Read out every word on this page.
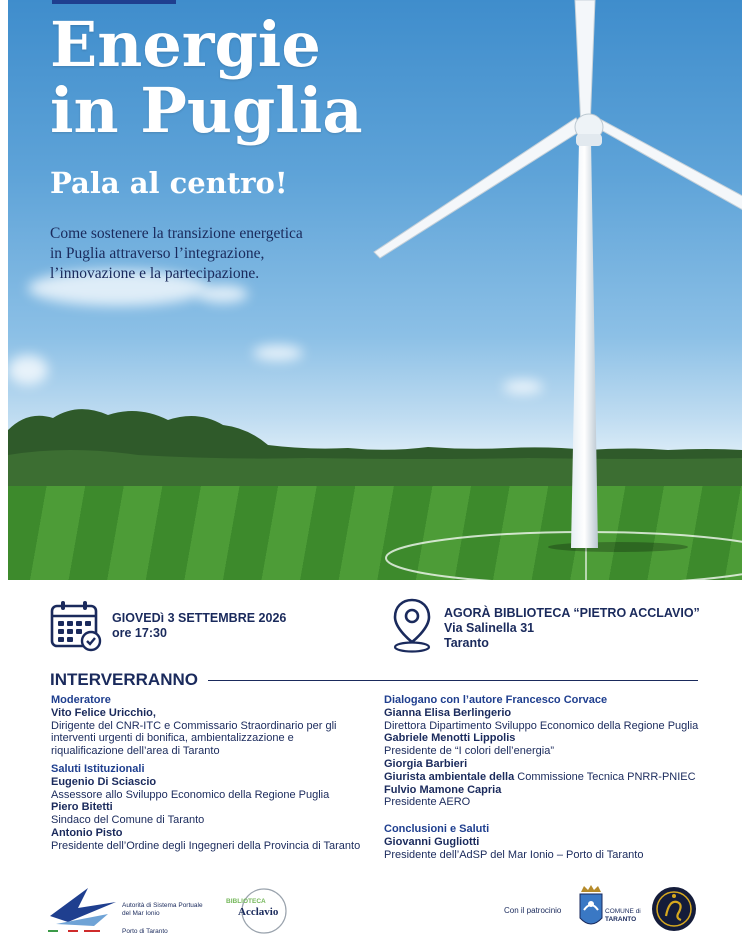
Energie
in Puglia
Pala al centro!
Come sostenere la transizione energetica
in Puglia attraverso l’integrazione,
l’innovazione e la partecipazione.
GIOVEDì 3 SETTEMBRE 2026
ore 17:30
AGORÀ BIBLIOTECA “PIETRO ACCLAVIO”
Via Salinella 31
Taranto
INTERVERRANNO
Moderatore
Vito Felice Uricchio,
Dirigente del CNR-ITC e Commissario Straordinario per gli
interventi urgenti di bonifica, ambientalizzazione e
riqualificazione dell’area di Taranto
Saluti Istituzionali
Eugenio Di Sciascio
Assessore allo Sviluppo Economico della Regione Puglia
Piero Bitetti
Sindaco del Comune di Taranto
Antonio Pisto
Presidente dell’Ordine degli Ingegneri della Provincia di Taranto
Dialogano con l’autore Francesco Corvace
Gianna Elisa Berlingerio
Direttora Dipartimento Sviluppo Economico della Regione Puglia
Gabriele Menotti Lippolis
Presidente de “I colori dell’energia”
Giorgia Barbieri
Giurista ambientale della Commissione Tecnica PNRR-PNIEC
Fulvio Mamone Capria
Presidente AERO
Conclusioni e Saluti
Giovanni Gugliotti
Presidente dell’AdSP del Mar Ionio – Porto di Taranto
Autorità di Sistema Portuale
del Mar Ionio
Porto di Taranto
BIBLIOTECA
Acclavio	Con il patrocinio	COMUNE di
TARANTO
